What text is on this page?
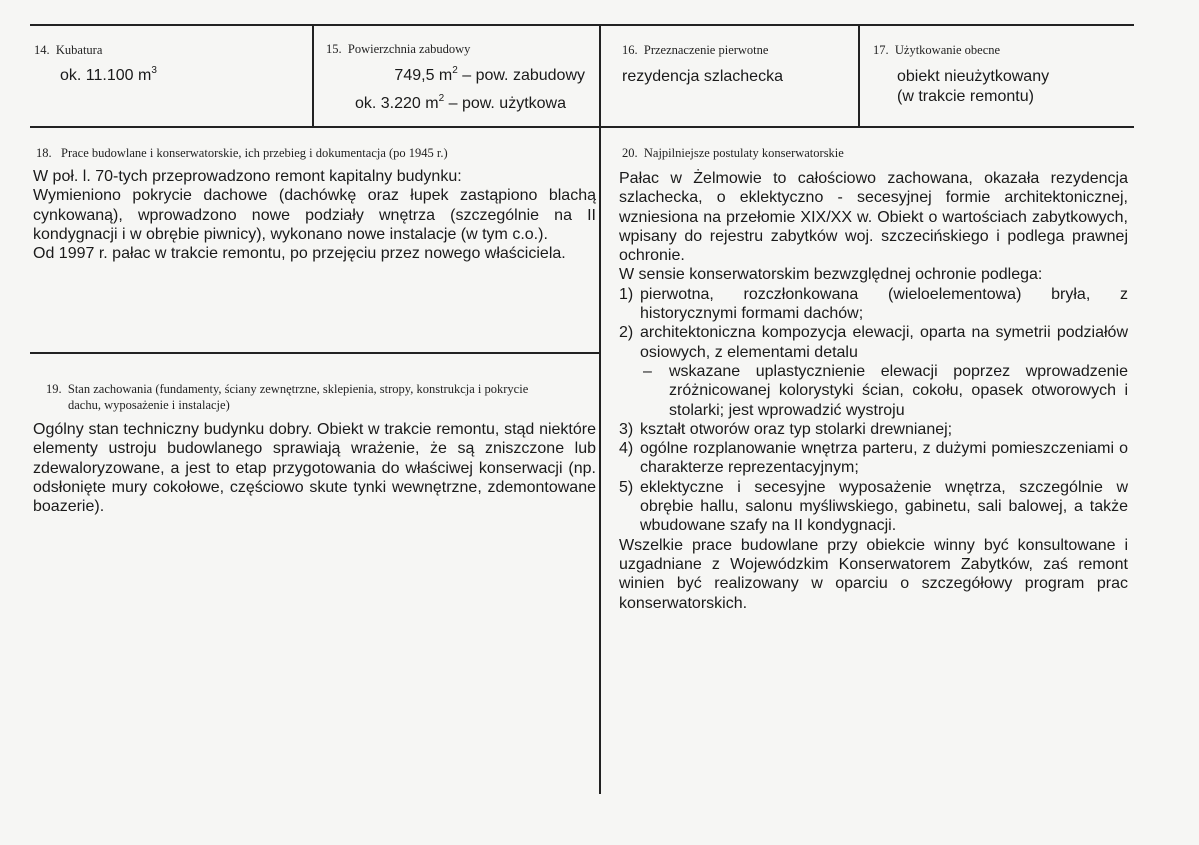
14. Kubatura
ok. 11.100 $m^3$
15. Powierzchnia zabudowy
749,5 $m^2$ – pow. zabudowy
ok. 3.220 $m^2$ – pow. użytkowa
16. Przeznaczenie pierwotne
rezydencja szlachecka
17. Użytkowanie obecne
obiekt nieużytkowany
(w trakcie remontu)
18. Prace budowlane i konserwatorskie, ich przebieg i dokumentacja (po 1945 r.)

W poł. l. 70-tych przeprowadzono remont kapitalny budynku:

Wymieniono pokrycie dachowe (dachówkę oraz łupek zastąpiono blachą cynkowaną), wprowadzono nowe podziały wnętrza (szczególnie na II kondygnacji i w obrębie piwnicy), wykonano nowe instalacje (w tym c.o.).

Od 1997 r. pałac w trakcie remontu, po przejęciu przez nowego właściciela.

19. Stan zachowania (fundamenty, ściany zewnętrzne, sklepienia, stropy, konstrukcja i pokrycie
dachu, wyposażenie i instalacje)
Ogólny stan techniczny budynku dobry. Obiekt w trakcie remontu, stąd niektóre elementy ustroju budowlanego sprawiają wrażenie, że są zniszczone lub zdewaloryzowane, a jest to etap przygotowania do właściwej konserwacji (np. odsłonięte mury cokołowe, częściowo skute tynki wewnętrzne, zdemontowane boazerie).
20. Najpilniejsze postulaty konserwatorskie

Pałac w Żelmowie to całościowo zachowana, okazała rezydencja szlachecka, o eklektyczno - secesyjnej formie architektonicznej, wzniesiona na przełomie XIX/XX w. Obiekt o wartościach zabytkowych, wpisany do rejestru zabytków woj. szczecińskiego i podlega prawnej ochronie.

W sensie konserwatorskim bezwzględnej ochronie podlega:

1) pierwotna, rozczłonkowana (wieloelementowa) bryła, z historycznymi formami dachów;
2) architektoniczna kompozycja elewacji, oparta na symetrii podziałów osiowych, z elementami detalu
–	wskazane uplastycznienie elewacji poprzez wprowadzenie zróżnicowanej kolorystyki ścian, cokołu, opasek otworowych i stolarki; jest wprowadzić wystroju
3) kształt otworów oraz typ stolarki drewnianej;
4) ogólne rozplanowanie wnętrza parteru, z dużymi pomieszczeniami o charakterze reprezentacyjnym;
5) eklektyczne i secesyjne wyposażenie wnętrza, szczególnie w obrębie hallu, salonu myśliwskiego, gabinetu, sali balowej, a także wbudowane szafy na II kondygnacji.

Wszelkie prace budowlane przy obiekcie winny być konsultowane i uzgadniane z Wojewódzkim Konserwatorem Zabytków, zaś remont winien być realizowany w oparciu o szczegółowy program prac konserwatorskich.
